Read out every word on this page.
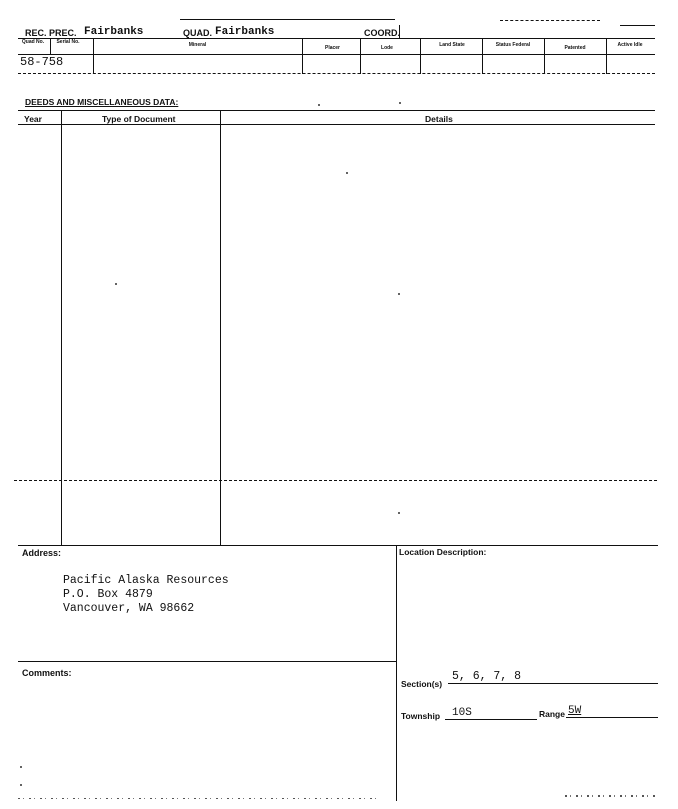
REC. PREC. Fairbanks	QUAD. Fairbanks	COORD.
Quad No.	Serial No.	Mineral	Placer	Lode	Land State	Status Federal	Patented	Active Idle
58-758
DEEDS AND MISCELLANEOUS DATA:
Year	Type of Document	Details
Address:
Pacific Alaska Resources
P.O. Box 4879
Vancouver, WA 98662
Location Description:
Comments:
Section(s)
5, 6, 7, 8
Township 10S	Range 5W
